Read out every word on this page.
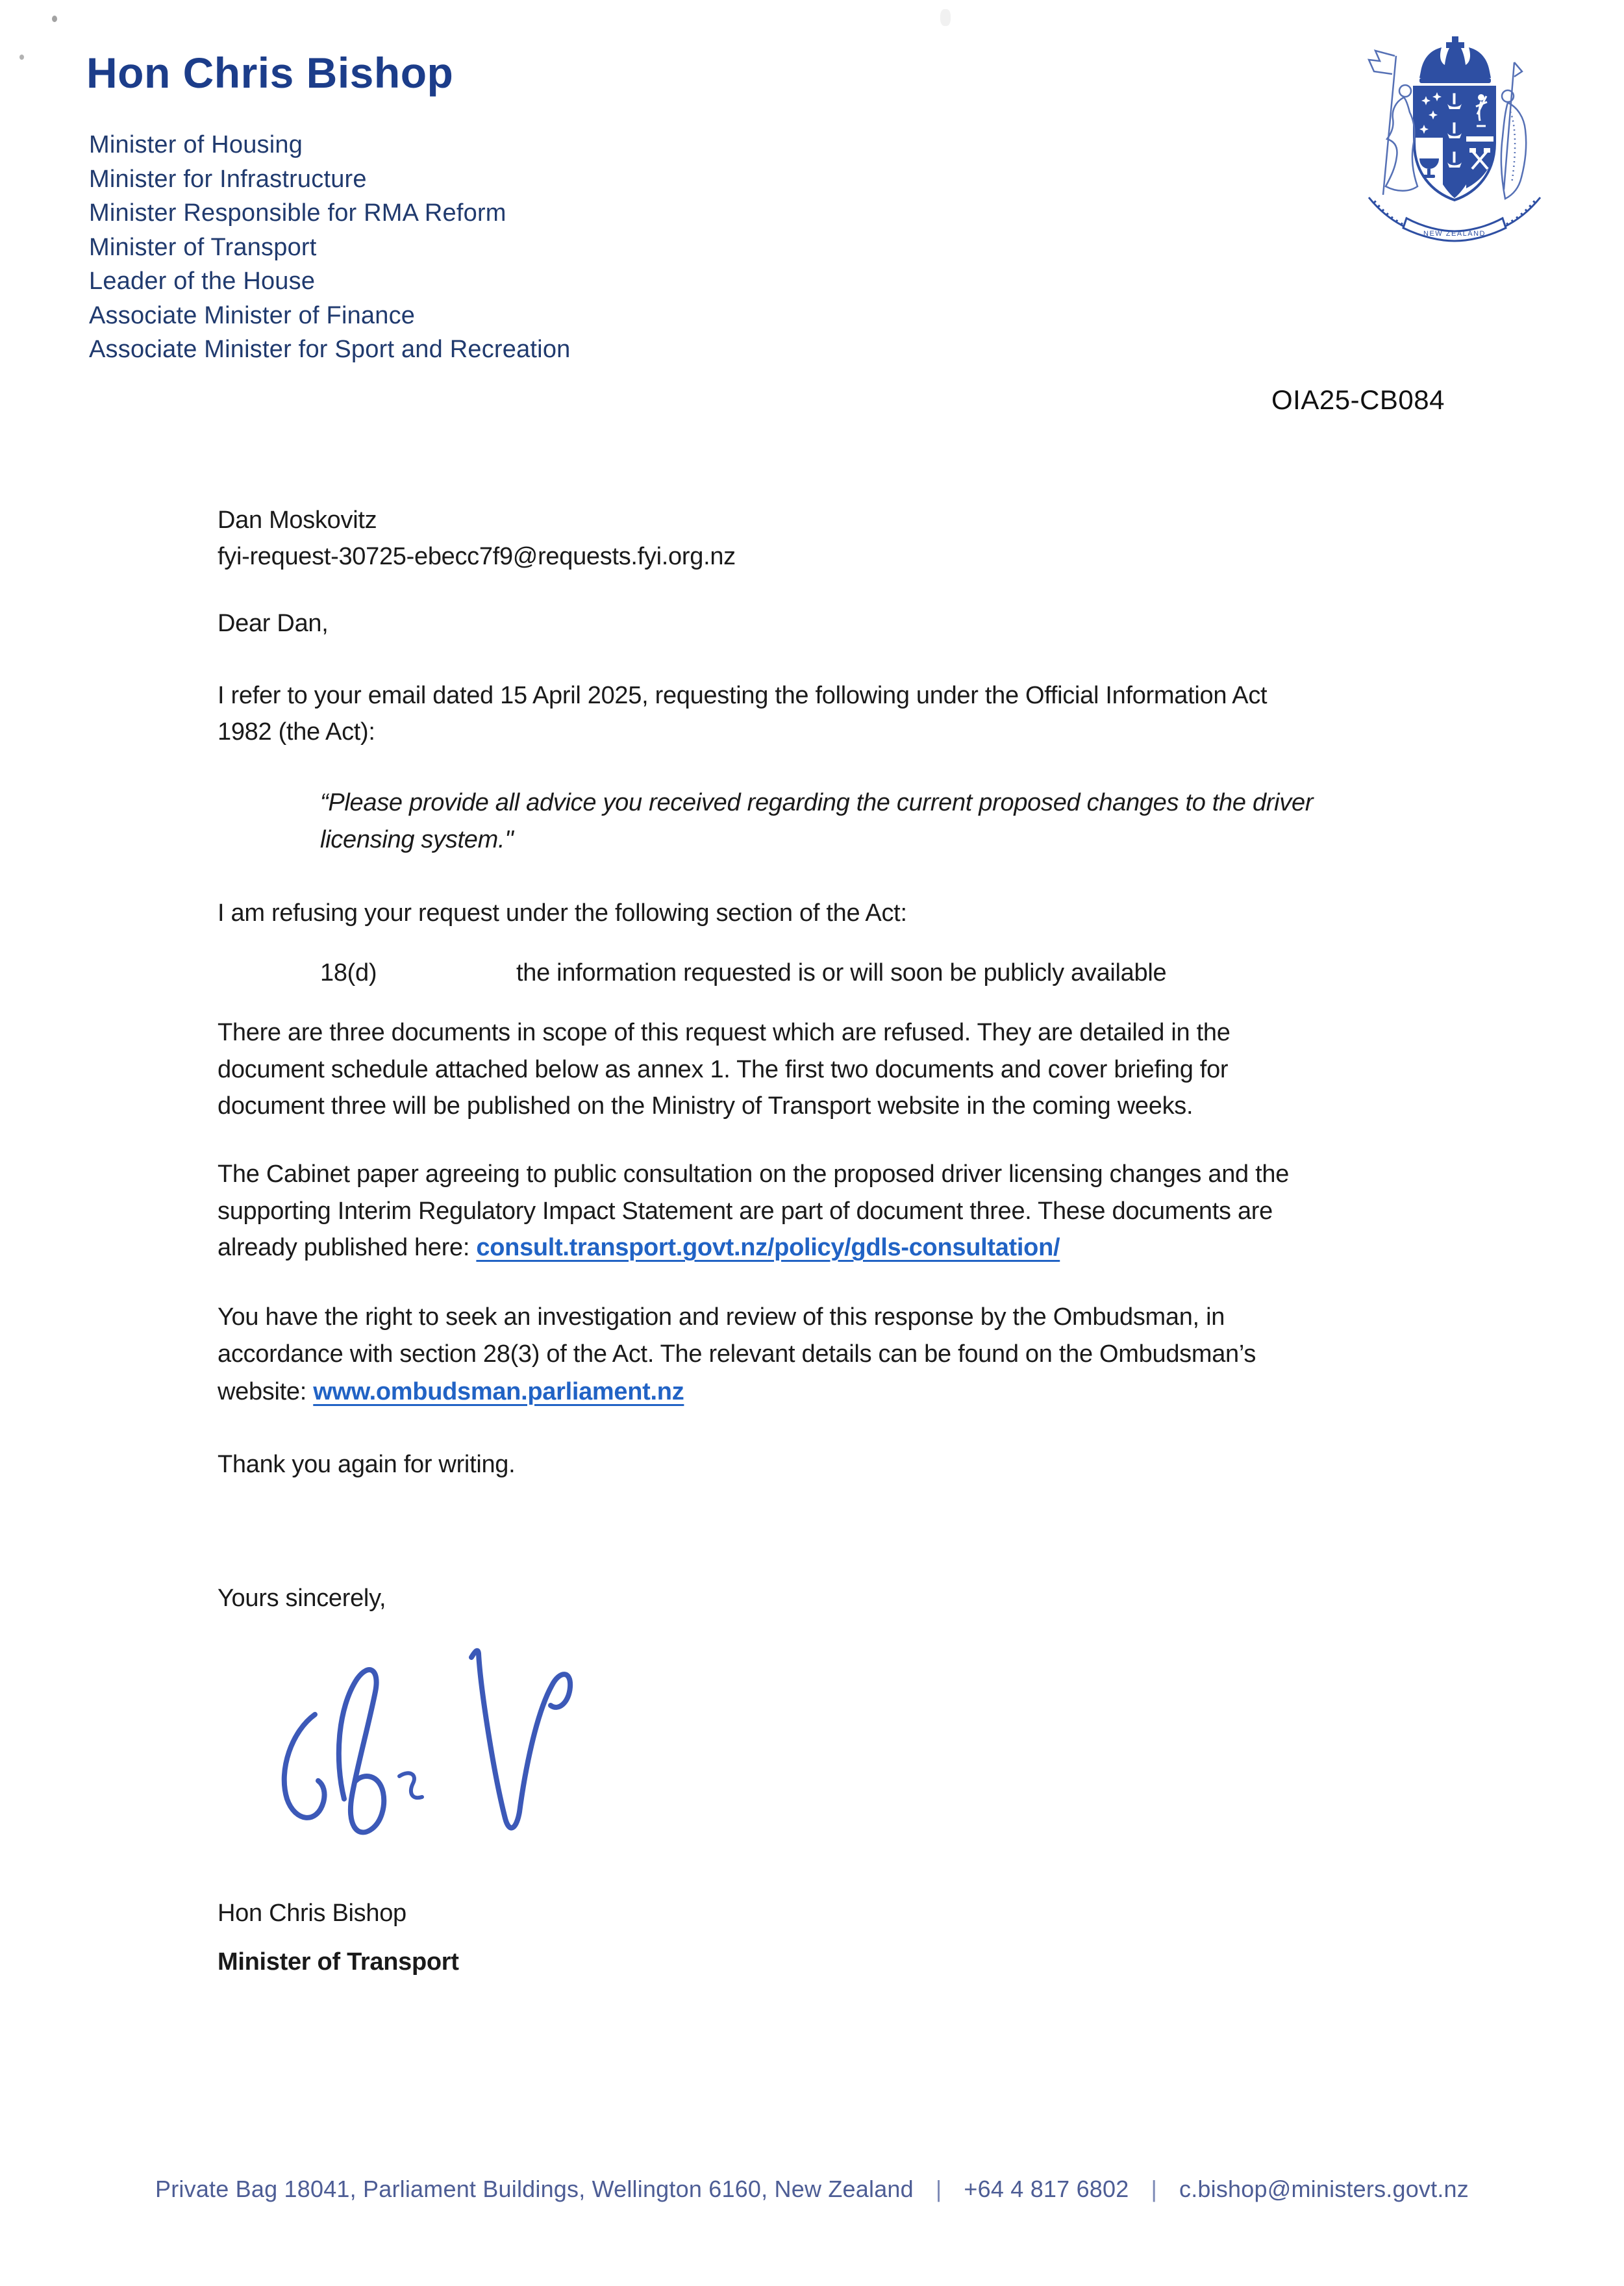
Hon Chris Bishop
Minister of Housing
Minister for Infrastructure
Minister Responsible for RMA Reform
Minister of Transport
Leader of the House
Associate Minister of Finance
Associate Minister for Sport and Recreation
NEW ZEALAND
OIA25-CB084
Dan Moskovitz
fyi-request-30725-ebecc7f9@requests.fyi.org.nz
Dear Dan,
I refer to your email dated 15 April 2025, requesting the following under the Official Information Act
1982 (the Act):
“Please provide all advice you received regarding the current proposed changes to the driver
licensing system."
I am refusing your request under the following section of the Act:
18(d)	the information requested is or will soon be publicly available
There are three documents in scope of this request which are refused. They are detailed in the
document schedule attached below as annex 1. The first two documents and cover briefing for
document three will be published on the Ministry of Transport website in the coming weeks.
The Cabinet paper agreeing to public consultation on the proposed driver licensing changes and the
supporting Interim Regulatory Impact Statement are part of document three. These documents are
already published here: consult.transport.govt.nz/policy/gdls-consultation/
You have the right to seek an investigation and review of this response by the Ombudsman, in
accordance with section 28(3) of the Act. The relevant details can be found on the Ombudsman’s
website: www.ombudsman.parliament.nz
Thank you again for writing.
Yours sincerely,
Hon Chris Bishop
Minister of Transport
Private Bag 18041, Parliament Buildings, Wellington 6160, New Zealand | +64 4 817 6802 | c.bishop@ministers.govt.nz
